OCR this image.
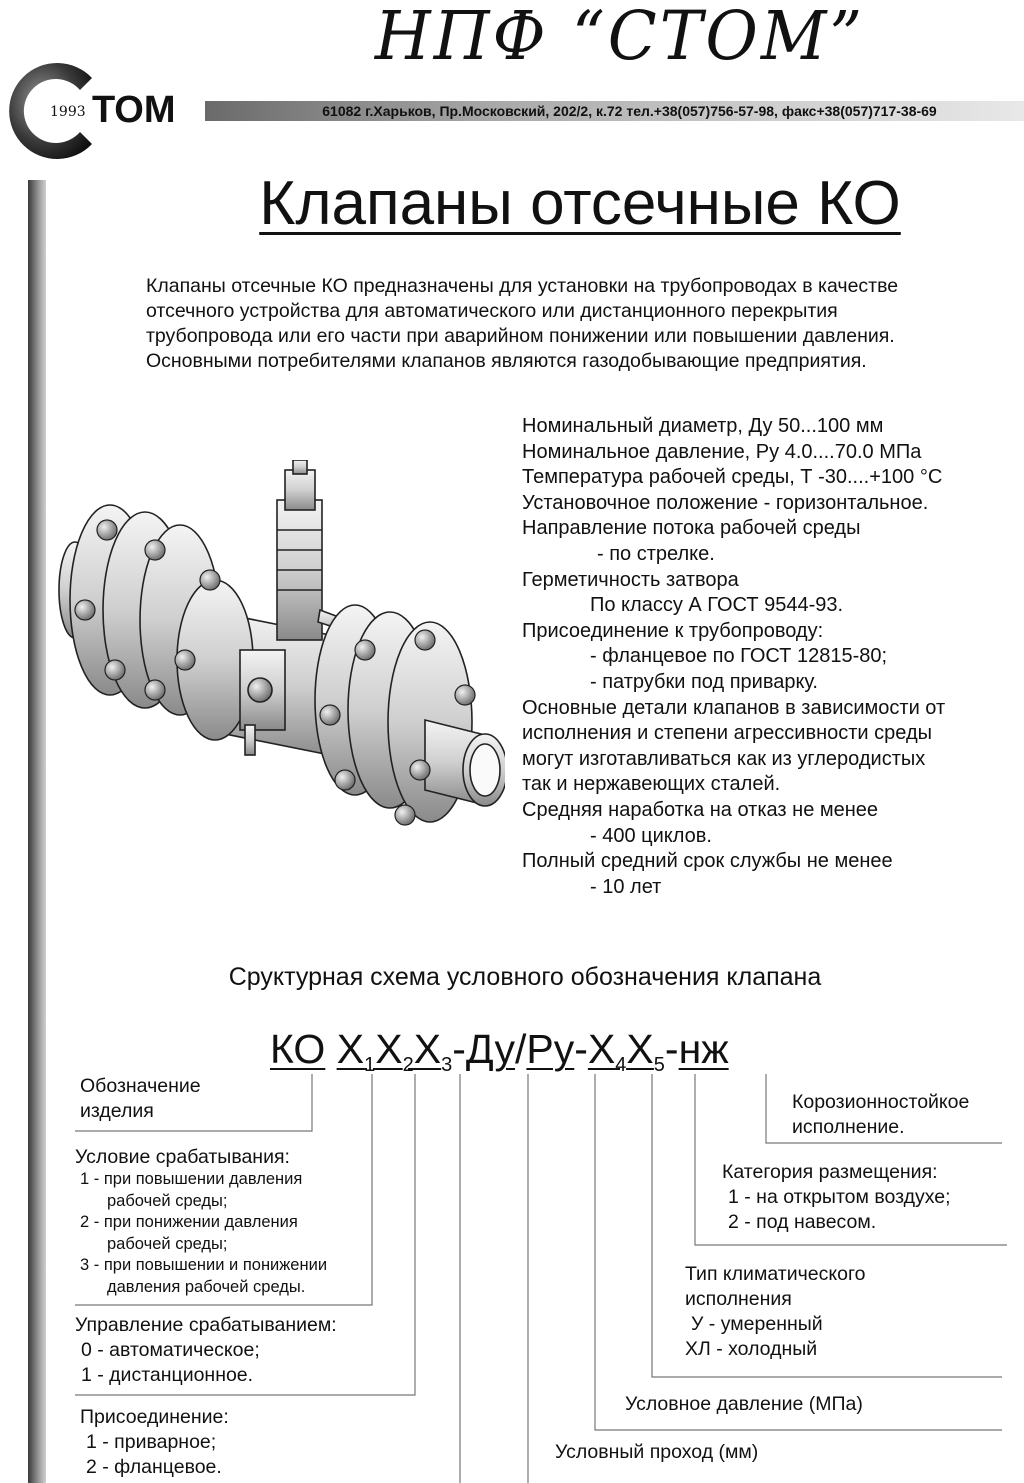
НПФ “СТОМ”
1993 ТОМ	61082 г.Харьков, Пр.Московский, 202/2, к.72 тел.+38(057)756-57-98, факс+38(057)717-38-69
Клапаны отсечные КО

Клапаны отсечные КО предназначены для установки на трубопроводах в качестве

отсечного устройства для автоматического или дистанционного перекрытия

трубопровода или его части при аварийном понижении или повышении давления.

Основными потребителями клапанов являются газодобывающие предприятия.

Номинальный диаметр, Ду 50...100 мм
Номинальное давление, Ру 4.0....70.0 МПа
Температура рабочей среды, Т -30....+100 °С
Установочное положение - горизонтальное.
Направление потока рабочей среды
- по стрелке.
Герметичность затвора
По классу А ГОСТ 9544-93.
Присоединение к трубопроводу:
- фланцевое по ГОСТ 12815-80;
- патрубки под приварку.
Основные детали клапанов в зависимости от
исполнения и степени агрессивности среды
могут изготавливаться как из углеродистых
так и нержавеющих сталей.
Средняя наработка на отказ не менее
- 400 циклов.
Полный средний срок службы не менее
- 10 лет
Сруктурная схема условного обозначения клапана
КО $Х_1Х_2Х_3-Ду/Ру-Х_4Х_5-нж$
Обозначение
изделия
Условие срабатывания:
1 - при повышении давления
рабочей среды;
2 - при понижении давления
рабочей среды;
3 - при повышении и понижении
давления рабочей среды.
Управление срабатыванием:
0 - автоматическое;
1 - дистанционное.
Присоединение:
1 - приварное;
2 - фланцевое.
Корозионностойкое
исполнение.
Категория размещения:
1 - на открытом воздухе;
2 - под навесом.
Тип климатического
исполнения
У - умеренный
ХЛ - холодный
Условное давление (МПа)
Условный проход (мм)
